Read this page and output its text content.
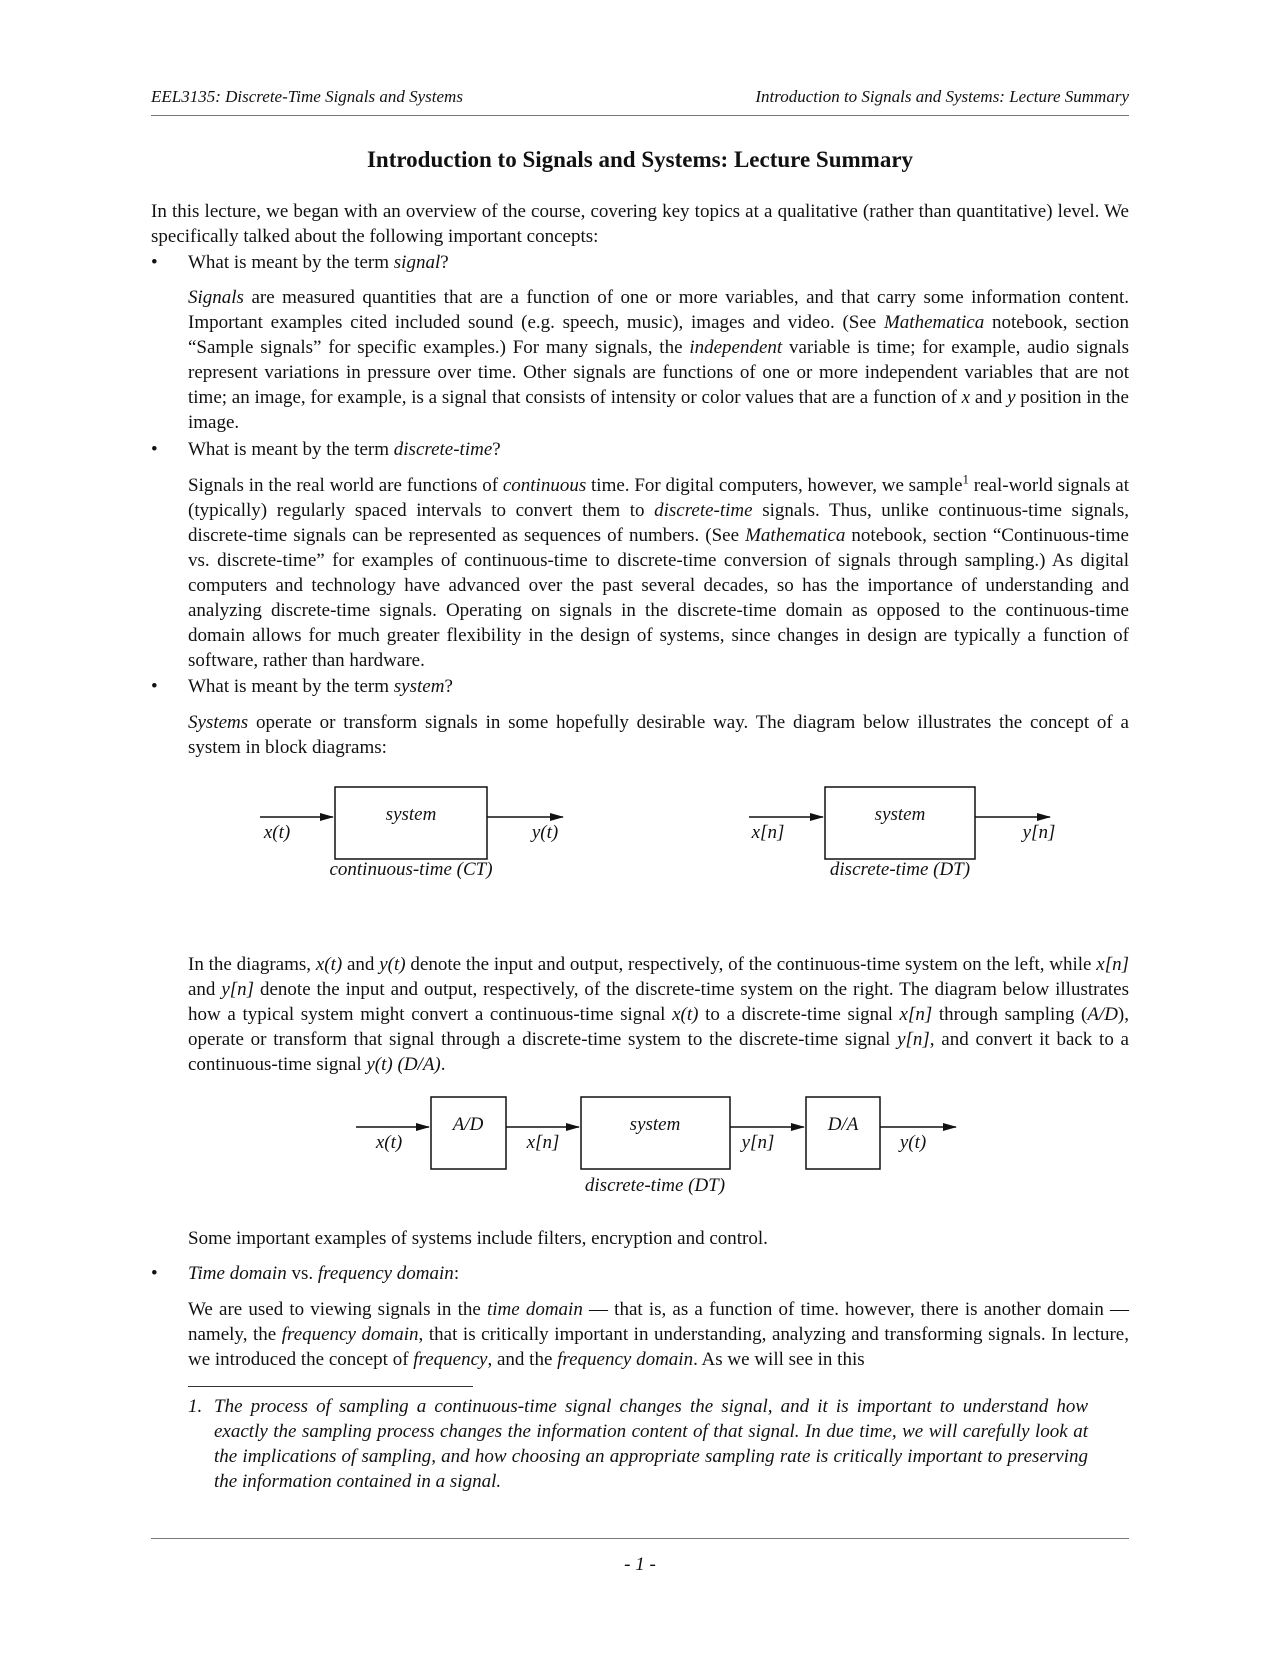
EEL3135: Discrete-Time Signals and Systems	Introduction to Signals and Systems: Lecture Summary
Introduction to Signals and Systems: Lecture Summary

In this lecture, we began with an overview of the course, covering key topics at a qualitative (rather than quantitative) level. We specifically talked about the following important concepts:

• What is meant by the term signal?

Signals are measured quantities that are a function of one or more variables, and that carry some information content. Important examples cited included sound (e.g. speech, music), images and video. (See Mathematica notebook, section “Sample signals” for specific examples.) For many signals, the independent variable is time; for example, audio signals represent variations in pressure over time. Other signals are functions of one or more independent variables that are not time; an image, for example, is a signal that consists of intensity or color values that are a function of x and y position in the image.

• What is meant by the term discrete-time?

Signals in the real world are functions of continuous time. For digital computers, however, we sample$^1$ real-world signals at (typically) regularly spaced intervals to convert them to discrete-time signals. Thus, unlike continuous-time signals, discrete-time signals can be represented as sequences of numbers. (See Mathematica notebook, section “Continuous-time vs. discrete-time” for examples of continuous-time to discrete-time conversion of signals through sampling.) As digital computers and technology have advanced over the past several decades, so has the importance of understanding and analyzing discrete-time signals. Operating on signals in the discrete-time domain as opposed to the continuous-time domain allows for much greater flexibility in the design of systems, since changes in design are typically a function of software, rather than hardware.

• What is meant by the term system?

Systems operate or transform signals in some hopefully desirable way. The diagram below illustrates the concept of a system in block diagrams:

system
x(t)	y(t)
continuous-time (CT)
system
x[n]	y[n]
discrete-time (DT)

In the diagrams, x(t) and y(t) denote the input and output, respectively, of the continuous-time system on the left, while x[n] and y[n] denote the input and output, respectively, of the discrete-time system on the right. The diagram below illustrates how a typical system might convert a continuous-time signal x(t) to a discrete-time signal x[n] through sampling (A/D), operate or transform that signal through a discrete-time system to the discrete-time signal y[n], and convert it back to a continuous-time signal y(t) (D/A).

A/D	system	D/A
x(t)	x[n]	y[n]	y(t)
discrete-time (DT)

Some important examples of systems include filters, encryption and control.

• Time domain vs. frequency domain:

We are used to viewing signals in the time domain — that is, as a function of time. however, there is another domain — namely, the frequency domain, that is critically important in understanding, analyzing and transforming signals. In lecture, we introduced the concept of frequency, and the frequency domain. As we will see in this

1. The process of sampling a continuous-time signal changes the signal, and it is important to understand how exactly the sampling process changes the information content of that signal. In due time, we will carefully look at the implications of sampling, and how choosing an appropriate sampling rate is critically important to preserving the information contained in a signal.
- 1 -
